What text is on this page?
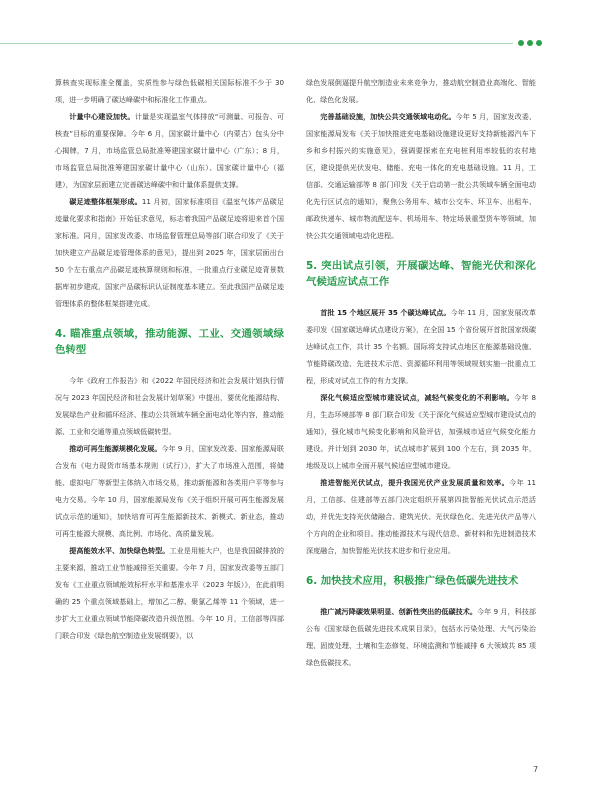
算核查实现标准全覆盖，实质性参与绿色低碳相关国际标准不少于 30 项，进一步明确了碳达峰碳中和标准化工作重点。

计量中心建设加快。计量是实现温室气体排放“可测量、可报告、可核查”目标的重要保障。今年 6 月，国家碳计量中心（内蒙古）包头分中心揭牌，7 月，市场监管总局批准筹建国家碳计量中心（广东）；8 月，市场监管总局批准筹建国家碳计量中心（山东）、国家碳计量中心（福建），为国家层面建立完善碳达峰碳中和计量体系提供支撑。

碳足迹整体框架形成。11 月初，国家标准项目《温室气体产品碳足迹量化要求和指南》开始征求意见，标志着我国产品碳足迹将迎来首个国家标准。同月，国家发改委、市场监督管理总局等部门联合印发了《关于加快建立产品碳足迹管理体系的意见》，提出到 2025 年，国家层面出台 50 个左右重点产品碳足迹核算规则和标准，一批重点行业碳足迹背景数据库初步建成，国家产品碳标识认证制度基本建立。至此我国产品碳足迹管理体系的整体框架搭建完成。

4. 瞄准重点领域，推动能源、工业、交通领域绿色转型

今年《政府工作报告》和《2022 年国民经济和社会发展计划执行情况与 2023 年国民经济和社会发展计划草案》中提出，要优化能源结构、发展绿色产业和循环经济、推动公共领域车辆全面电动化等内容，推动能源、工业和交通等重点领域低碳转型。

推动可再生能源规模化发展。今年 9 月，国家发改委、国家能源局联合发布《电力现货市场基本规则（试行）》，扩大了市场准入范围，将储能、虚拟电厂等新型主体纳入市场交易，推动新能源和各类用户平等参与电力交易。今年 10 月，国家能源局发布《关于组织开展可再生能源发展试点示范的通知》，加快培育可再生能源新技术、新模式、新业态，推动可再生能源大规模、高比例、市场化、高质量发展。

提高能效水平、加快绿色转型。工业是用能大户，也是我国碳排放的主要来源，推动工业节能减排至关重要。今年 7 月，国家发改委等五部门发布《工业重点领域能效标杆水平和基准水平（2023 年版）》，在此前明确的 25 个重点领域基础上，增加乙二醇、聚氯乙烯等 11 个领域，进一步扩大工业重点领域节能降碳改造升级范围。今年 10 月，工信部等四部门联合印发《绿色航空制造业发展纲要》，以

绿色发展倒逼提升航空制造业未来竞争力，推动航空制造业高端化、智能化、绿色化发展。

完善基础设施，加快公共交通领域电动化。今年 5 月，国家发改委、国家能源局发布《关于加快推进充电基础设施建设更好支持新能源汽车下乡和乡村振兴的实施意见》，强调要探索在充电桩利用率较低的农村地区，建设提供光伏发电、储能、充电一体化的充电基础设施。11 月，工信部、交通运输部等 8 部门印发《关于启动第一批公共领域车辆全面电动化先行区试点的通知》，聚焦公务用车、城市公交车、环卫车、出租车、邮政快递车、城市物流配送车、机场用车、特定场景重型货车等领域，加快公共交通领域电动化进程。

5. 突出试点引领，开展碳达峰、智能光伏和深化气候适应试点工作

首批 15 个地区展开 35 个碳达峰试点。今年 11 月，国家发展改革委印发《国家碳达峰试点建设方案》，在全国 15 个省份展开首批国家级碳达峰试点工作，共计 35 个名额。国际将支持试点地区在能源基础设施、节能降碳改造、先进技术示范、资源循环利用等领域规划实施一批重点工程，形成对试点工作的有力支撑。

深化气候适应型城市建设试点，减轻气候变化的不利影响。今年 8 月，生态环境部等 8 部门联合印发《关于深化气候适应型城市建设试点的通知》，强化城市气候变化影响和风险评估，加强城市适应气候变化能力建设。并计划到 2030 年，试点城市扩展到 100 个左右，到 2035 年，地级及以上城市全面开展气候适应型城市建设。

推进智能光伏试点，提升我国光伏产业发展质量和效率。今年 11 月，工信部、住建部等五部门决定组织开展第四批智能光伏试点示范活动，并优先支持光伏储融合、建筑光伏、光伏绿色化、先进光伏产品等八个方向的企业和项目。推动能源技术与现代信息、新材料和先进制造技术深度融合，加快智能光伏技术进步和行业应用。

6. 加快技术应用，积极推广绿色低碳先进技术

推广减污降碳效果明显、创新性突出的低碳技术。今年 9 月，科技部公布《国家绿色低碳先进技术成果目录》，包括水污染处理、大气污染治理、固废处理、土壤和生态修复、环境监测和节能减排 6 大领域共 85 项绿色低碳技术。

7
